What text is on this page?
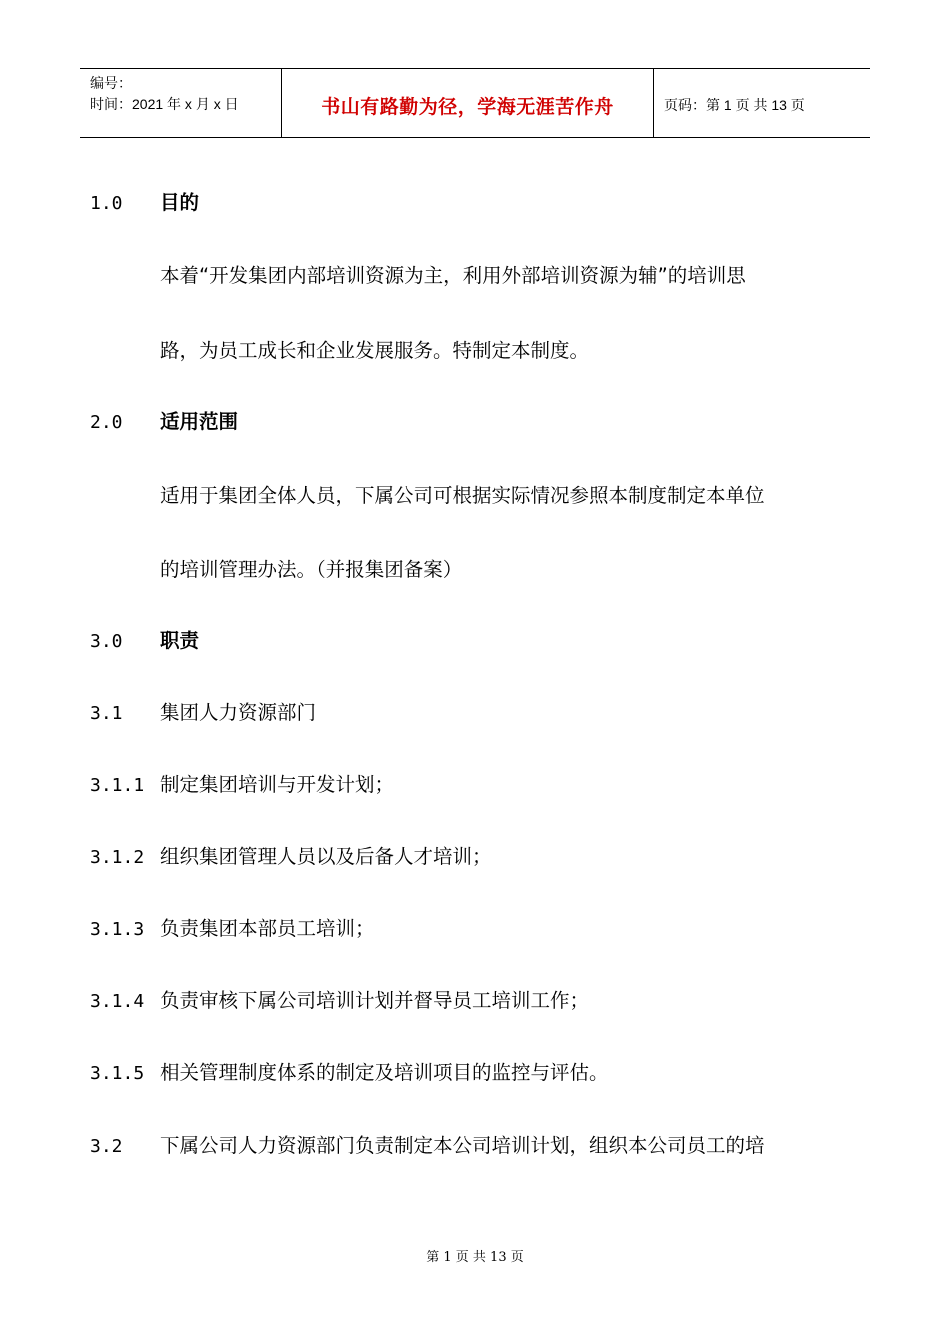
编号：
时间：2021 年 x 月 x 日	书山有路勤为径，学海无涯苦作舟	页码：第 1 页 共 13 页
1.0 目的
本着“开发集团内部培训资源为主，利用外部培训资源为辅”的培训思
路，为员工成长和企业发展服务。特制定本制度。
2.0 适用范围
适用于集团全体人员，下属公司可根据实际情况参照本制度制定本单位
的培训管理办法。（并报集团备案）
3.0 职责
3.1 集团人力资源部门
3.1.1 制定集团培训与开发计划；
3.1.2 组织集团管理人员以及后备人才培训；
3.1.3 负责集团本部员工培训；
3.1.4 负责审核下属公司培训计划并督导员工培训工作；
3.1.5 相关管理制度体系的制定及培训项目的监控与评估。
3.2 下属公司人力资源部门负责制定本公司培训计划，组织本公司员工的培
第 1 页 共 13 页
